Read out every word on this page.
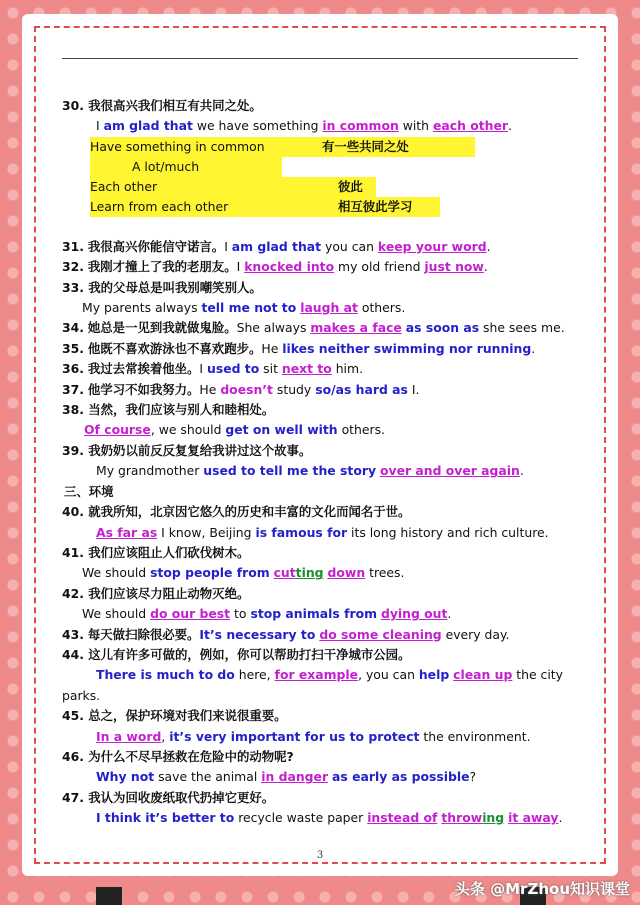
30. 我很高兴我们相互有共同之处。
I am glad that we have something in common with each other.
Have something in common	有一些共同之处
A lot/much
Each other	彼此
Learn from each other	相互彼此学习
31. 我很高兴你能信守诺言。I am glad that you can keep your word.
32. 我刚才撞上了我的老朋友。I knocked into my old friend just now.
33. 我的父母总是叫我别嘲笑别人。
My parents always tell me not to laugh at others.
34. 她总是一见到我就做鬼脸。She always makes a face as soon as she sees me.
35. 他既不喜欢游泳也不喜欢跑步。He likes neither swimming nor running.
36. 我过去常挨着他坐。I used to sit next to him.
37. 他学习不如我努力。He doesn’t study so/as hard as I.
38. 当然，我们应该与别人和睦相处。
Of course, we should get on well with others.
39. 我奶奶以前反反复复给我讲过这个故事。
My grandmother used to tell me the story over and over again.
三、环境
40. 就我所知，北京因它悠久的历史和丰富的文化而闻名于世。
As far as I know, Beijing is famous for its long history and rich culture.
41. 我们应该阻止人们砍伐树木。
We should stop people from cutting down trees.
42. 我们应该尽力阻止动物灭绝。
We should do our best to stop animals from dying out.
43. 每天做扫除很必要。It’s necessary to do some cleaning every day.
44. 这儿有许多可做的，例如，你可以帮助打扫干净城市公园。
There is much to do here, for example, you can help clean up the city parks.
45. 总之，保护环境对我们来说很重要。
In a word, it’s very important for us to protect the environment.
46. 为什么不尽早拯救在危险中的动物呢?
Why not save the animal in danger as early as possible?
47. 我认为回收废纸取代扔掉它更好。
I think it’s better to recycle waste paper instead of throwing it away.
3
头条 @MrZhou知识课堂
